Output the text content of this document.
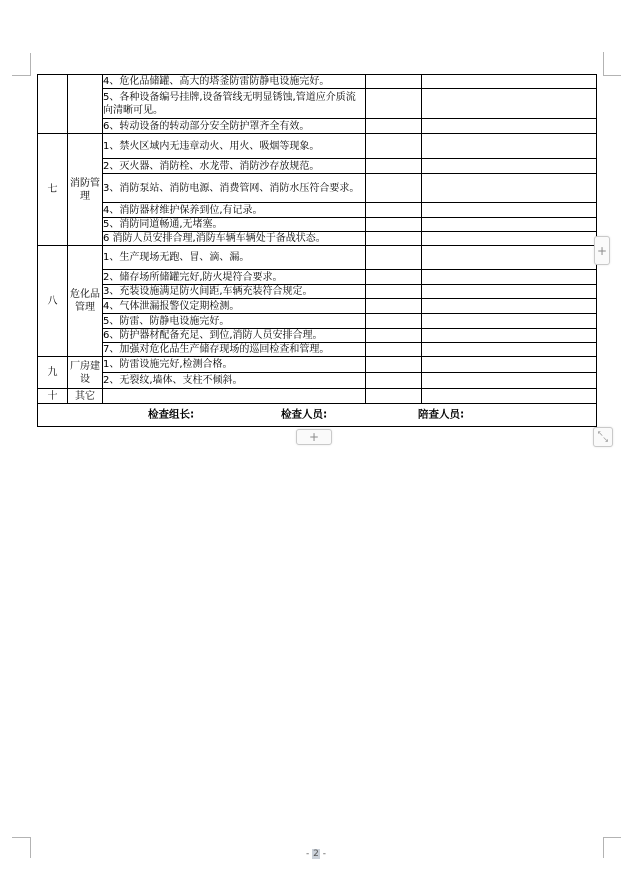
		4、危化品储罐、高大的塔釜防雷防静电设施完好。		
		5、各种设备编号挂牌,设备管线无明显锈蚀,管道应介质流向清晰可见。		
		6、转动设备的转动部分安全防护罩齐全有效。		
七	消防管理	1、禁火区域内无违章动火、用火、吸烟等现象。		
		2、灭火器、消防栓、水龙带、消防沙存放规范。		
		3、消防泵站、消防电源、消费管网、消防水压符合要求。		
		4、消防器材维护保养到位,有记录。		
		5、消防同道畅通,无堵塞。		
		6 消防人员安排合理,消防车辆车辆处于备战状态。		
八	危化品管理	1、生产现场无跑、冒、滴、漏。		
		2、储存场所储罐完好,防火堤符合要求。		
		3、充装设施满足防火间距,车辆充装符合规定。		
		4、气体泄漏报警仪定期检测。		
		5、防雷、防静电设施完好。		
		6、防护器材配备充足、到位,消防人员安排合理。		
		7、加强对危化品生产储存现场的巡回检查和管理。		
九	厂房建设	1、防雷设施完好,检测合格。		
		2、无裂纹,墙体、支柱不倾斜。		
十	其它			

检查组长: 检查人员: 陪查人员:				
+
+
↖
↘
- 2 -
